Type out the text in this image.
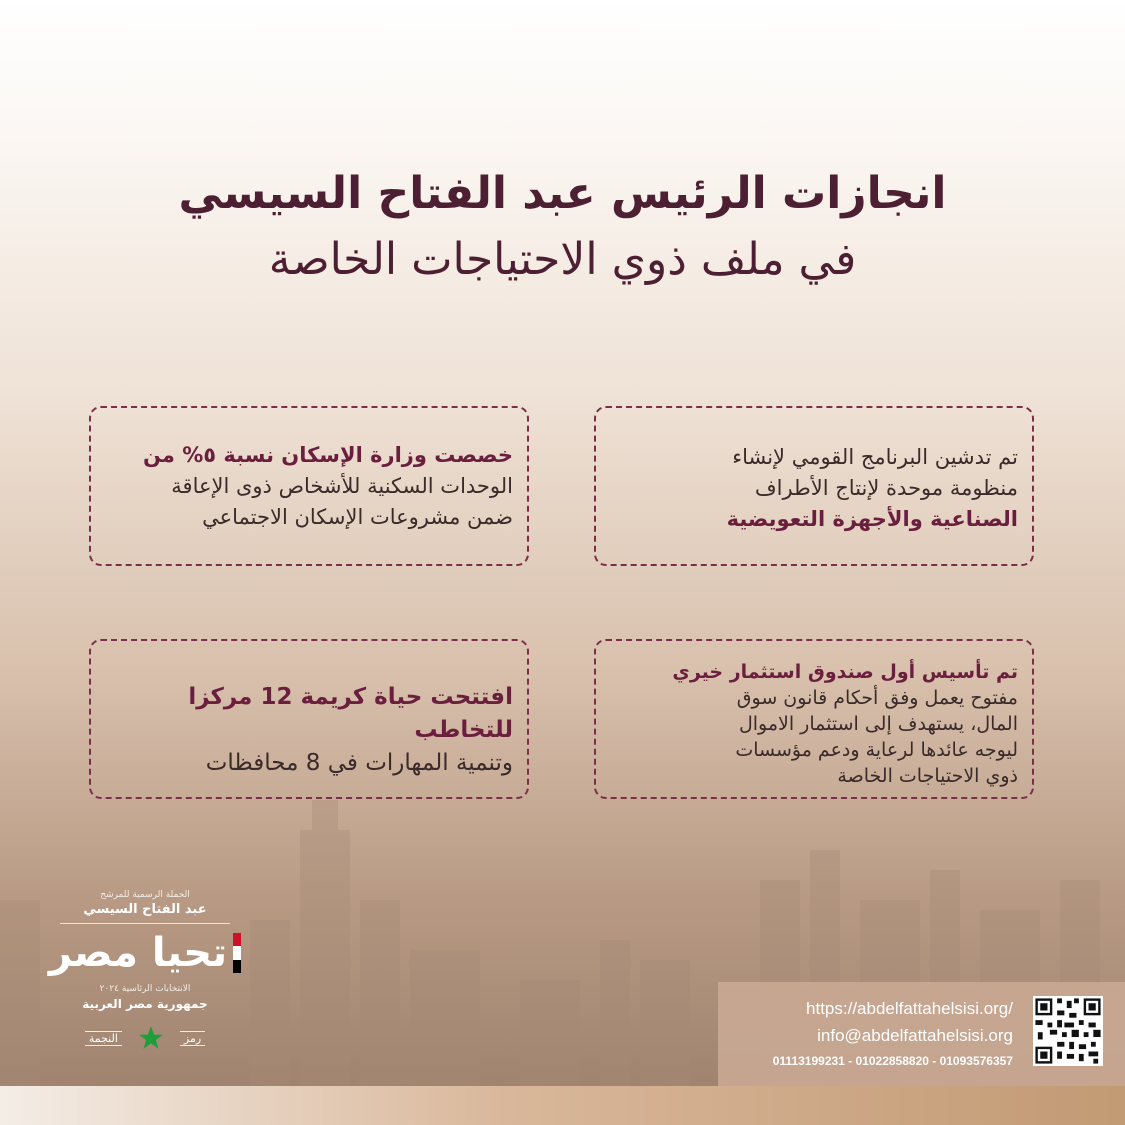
انجازات الرئيس عبد الفتاح السيسي
في ملف ذوي الاحتياجات الخاصة

تم تدشين البرنامج القومي لإنشاء

منظومة موحدة لإنتاج الأطراف

الصناعية والأجهزة التعويضية

خصصت وزارة الإسكان نسبة ٥% من

الوحدات السكنية للأشخاص ذوى الإعاقة

ضمن مشروعات الإسكان الاجتماعي

تم تأسيس أول صندوق استثمار خيري

مفتوح يعمل وفق أحكام قانون سوق

المال، يستهدف إلى استثمار الاموال

ليوجه عائدها لرعاية ودعم مؤسسات

ذوي الاحتياجات الخاصة

افتتحت حياة كريمة 12 مركزا للتخاطب

وتنمية المهارات في 8 محافظات

الحملة الرسمية للمرشح
عبد الفتاح السيسي
تحيا مصر
الانتخابات الرئاسية ٢٠٢٤
جمهورية مصر العربية
رمز
النجمة
https://abdelfattahelsisi.org/
info@abdelfattahelsisi.org
01113199231 - 01022858820 - 01093576357
